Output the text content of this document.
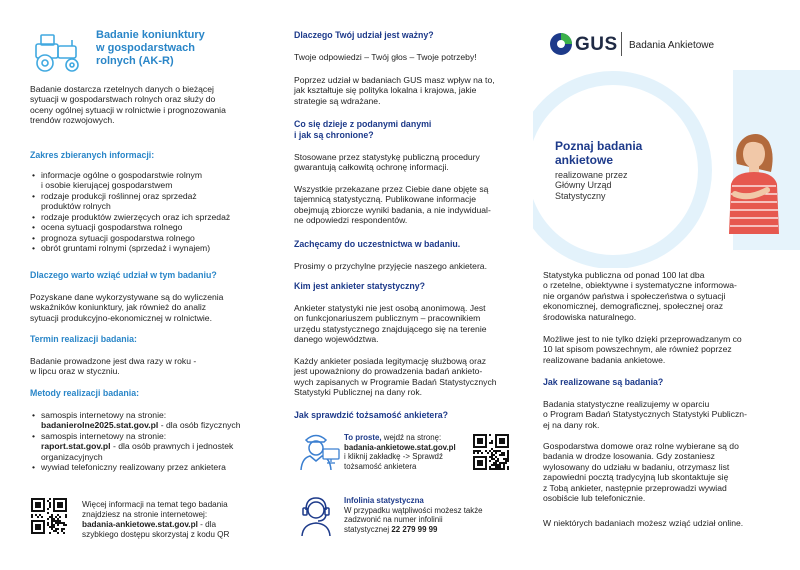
Badanie koniunktury
w gospodarstwach
rolnych (AK-R)
Badanie dostarcza rzetelnych danych o bieżącej
sytuacji w gospodarstwach rolnych oraz służy do
oceny ogólnej sytuacji w rolnictwie i prognozowania
trendów rozwojowych.
Zakres zbieranych informacji:
• informacje ogólne o gospodarstwie rolnym
i osobie kierującej gospodarstwem
• rodzaje produkcji roślinnej oraz sprzedaż
produktów rolnych
• rodzaje produktów zwierzęcych oraz ich sprzedaż
• ocena sytuacji gospodarstwa rolnego
• prognoza sytuacji gospodarstwa rolnego
• obrót gruntami rolnymi (sprzedaż i wynajem)
Dlaczego warto wziąć udział w tym badaniu?
Pozyskane dane wykorzystywane są do wyliczenia
wskaźników koniunktury, jak również do analiz
sytuacji produkcyjno-ekonomicznej w rolnictwie.
Termin realizacji badania:
Badanie prowadzone jest dwa razy w roku -
w lipcu oraz w styczniu.
Metody realizacji badania:
• samospis internetowy na stronie:
badanierolne2025.stat.gov.pl - dla osób fizycznych
• samospis internetowy na stronie:
raport.stat.gov.pl - dla osób prawnych i jednostek
organizacyjnych
• wywiad telefoniczny realizowany przez ankietera
Więcej informacji na temat tego badania
znajdziesz na stronie internetowej:
badania-ankietowe.stat.gov.pl - dla
szybkiego dostępu skorzystaj z kodu QR
Dlaczego Twój udział jest ważny?
Twoje odpowiedzi – Twój głos – Twoje potrzeby!
Poprzez udział w badaniach GUS masz wpływ na to,
jak kształtuje się polityka lokalna i krajowa, jakie
strategie są wdrażane.
Co się dzieje z podanymi danymi
i jak są chronione?
Stosowane przez statystykę publiczną procedury
gwarantują całkowitą ochronę informacji.
Wszystkie przekazane przez Ciebie dane objęte są
tajemnicą statystyczną. Publikowane informacje
obejmują zbiorcze wyniki badania, a nie indywidual-
ne odpowiedzi respondentów.
Zachęcamy do uczestnictwa w badaniu.
Prosimy o przychylne przyjęcie naszego ankietera.
Kim jest ankieter statystyczny?
Ankieter statystyki nie jest osobą anonimową. Jest
on funkcjonariuszem publicznym – pracownikiem
urzędu statystycznego znajdującego się na terenie
danego województwa.
Każdy ankieter posiada legitymację służbową oraz
jest upoważniony do prowadzenia badań ankieto-
wych zapisanych w Programie Badań Statystycznych
Statystyki Publicznej na dany rok.
Jak sprawdzić tożsamość ankietera?
To proste, wejdź na stronę:
badania-ankietowe.stat.gov.pl
i kliknij zakładkę -> Sprawdź
tożsamość ankietera
Infolinia statystyczna
W przypadku wątpliwości możesz także
zadzwonić na numer infolinii
statystycznej 22 279 99 99
GUS Badania Ankietowe
Poznaj badania
ankietowe
realizowane przez
Główny Urząd
Statystyczny
Statystyka publiczna od ponad 100 lat dba
o rzetelne, obiektywne i systematyczne informowa-
nie organów państwa i społeczeństwa o sytuacji
ekonomicznej, demograficznej, społecznej oraz
środowiska naturalnego.
Możliwe jest to nie tylko dzięki przeprowadzanym co
10 lat spisom powszechnym, ale również poprzez
realizowane badania ankietowe.
Jak realizowane są badania?
Badania statystyczne realizujemy w oparciu
o Program Badań Statystycznych Statystyki Publiczn-
ej na dany rok.
Gospodarstwa domowe oraz rolne wybierane są do
badania w drodze losowania. Gdy zostaniesz
wylosowany do udziału w badaniu, otrzymasz list
zapowiedni pocztą tradycyjną lub skontaktuje się
z Tobą ankieter, następnie przeprowadzi wywiad
osobiście lub telefonicznie.
W niektórych badaniach możesz wziąć udział online.
